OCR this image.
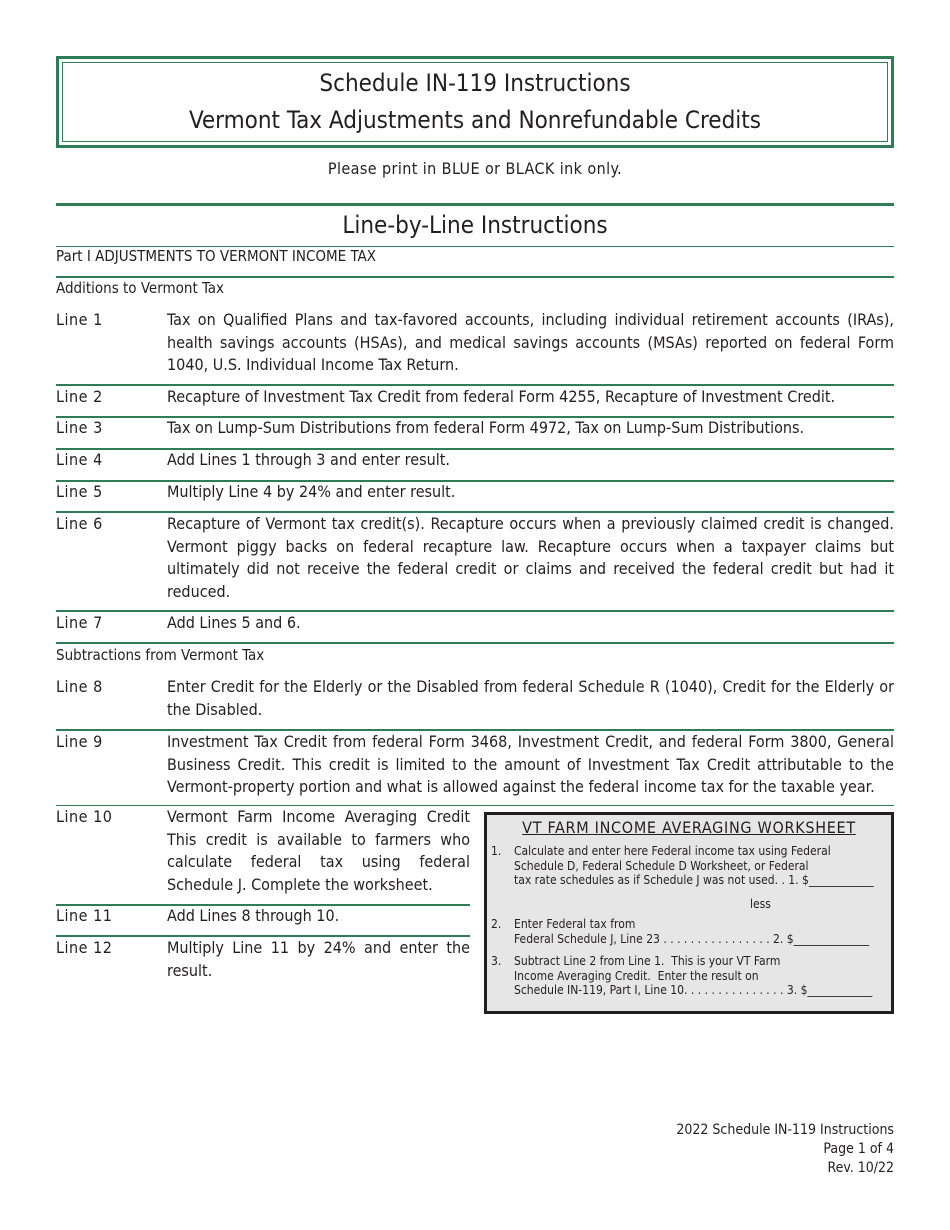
Schedule IN-119 Instructions
Vermont Tax Adjustments and Nonrefundable Credits
Please print in BLUE or BLACK ink only.
Line-by-Line Instructions
Part I ADJUSTMENTS TO VERMONT INCOME TAX
Additions to Vermont Tax
Line 1	Tax on Qualified Plans and tax-favored accounts, including individual retirement accounts (IRAs), health savings accounts (HSAs), and medical savings accounts (MSAs) reported on federal Form 1040, U.S. Individual Income Tax Return.
Line 2	Recapture of Investment Tax Credit from federal Form 4255, Recapture of Investment Credit.
Line 3	Tax on Lump-Sum Distributions from federal Form 4972, Tax on Lump-Sum Distributions.
Line 4	Add Lines 1 through 3 and enter result.
Line 5	Multiply Line 4 by 24% and enter result.
Line 6	Recapture of Vermont tax credit(s). Recapture occurs when a previously claimed credit is changed. Vermont piggy backs on federal recapture law. Recapture occurs when a taxpayer claims but ultimately did not receive the federal credit or claims and received the federal credit but had it reduced.
Line 7	Add Lines 5 and 6.
Subtractions from Vermont Tax
Line 8	Enter Credit for the Elderly or the Disabled from federal Schedule R (1040), Credit for the Elderly or the Disabled.
Line 9	Investment Tax Credit from federal Form 3468, Investment Credit, and federal Form 3800, General Business Credit. This credit is limited to the amount of Investment Tax Credit attributable to the Vermont-property portion and what is allowed against the federal income tax for the taxable year.
Line 10	Vermont Farm Income Averaging Credit This credit is available to farmers who calculate federal tax using federal Schedule J. Complete the worksheet.
Line 11	Add Lines 8 through 10.
Line 12	Multiply Line 11 by 24% and enter the result.
VT FARM INCOME AVERAGING WORKSHEET
1.	Calculate and enter here Federal income tax using Federal
Schedule D, Federal Schedule D Worksheet, or Federal
tax rate schedules as if Schedule J was not used. . 1. $____________
less
2.	Enter Federal tax from
Federal Schedule J, Line 23 . . . . . . . . . . . . . . . . 2. $______________
3.	Subtract Line 2 from Line 1.  This is your VT Farm
Income Averaging Credit.  Enter the result on
Schedule IN-119, Part I, Line 10. . . . . . . . . . . . . . . 3. $____________
2022 Schedule IN-119 Instructions
Page 1 of 4
Rev. 10/22
